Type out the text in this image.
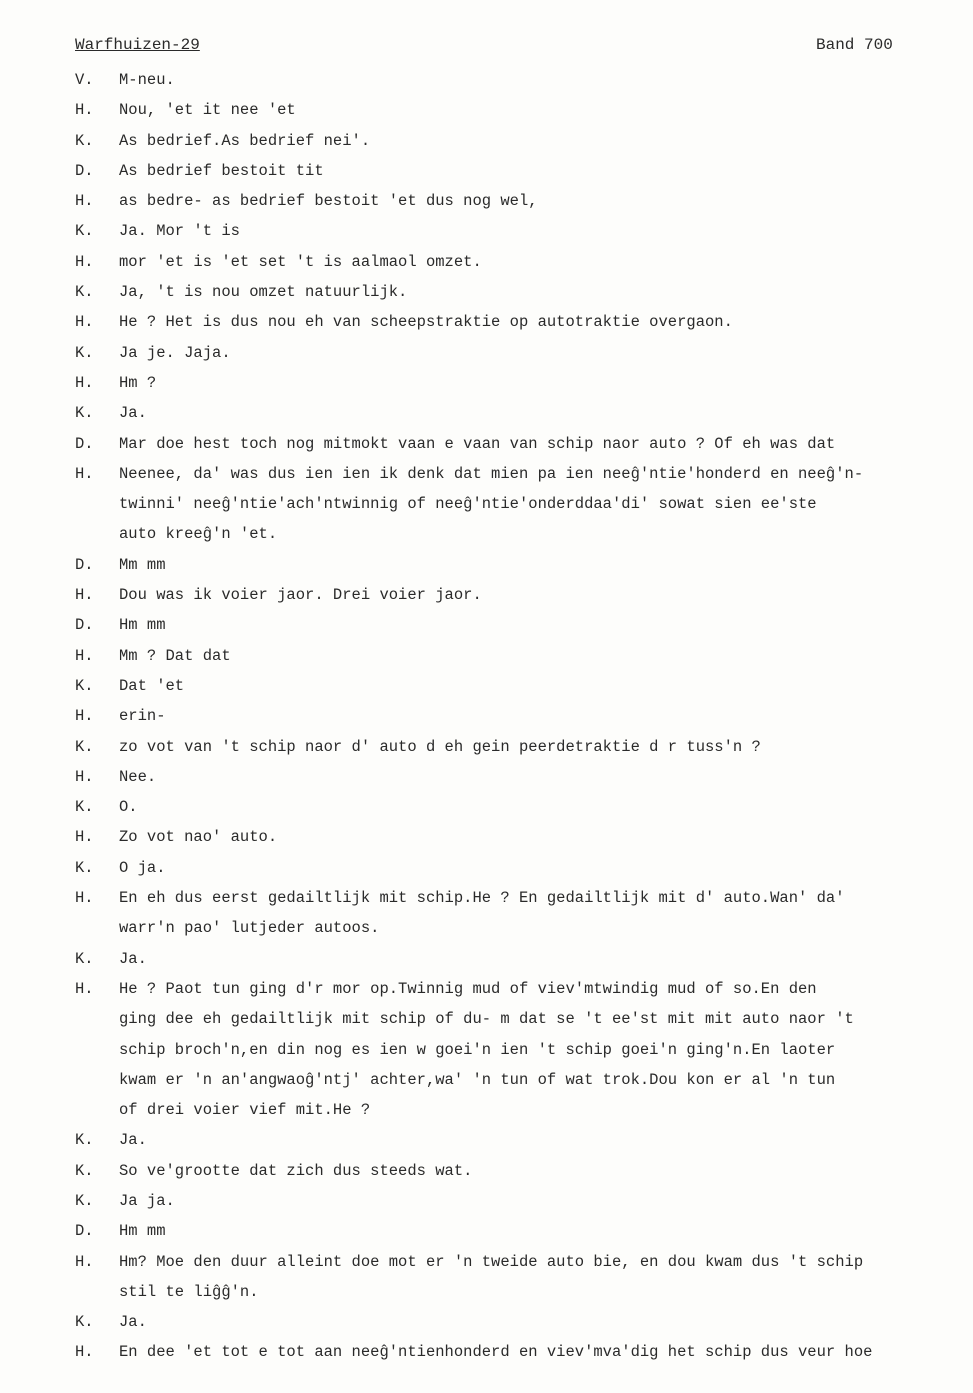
Warfhuizen-29	Band 700
V.	M-neu.
H.	Nou, 'et it nee 'et
K.	As bedrief.As bedrief nei'.
D.	As bedrief bestoit tit
H.	as bedre- as bedrief bestoit 'et dus nog wel,
K.	Ja. Mor 't is
H.	mor 'et is 'et set 't is aalmaol omzet.
K.	Ja, 't is nou omzet natuurlijk.
H.	He ? Het is dus nou eh van scheepstraktie op autotraktie overgaon.
K.	Ja je. Jaja.
H.	Hm ?
K.	Ja.
D.	Mar doe hest toch nog mitmokt vaan e vaan van schip naor auto ? Of eh was dat
H.	Neenee, da' was dus ien ien ik denk dat mien pa ien neeĝ'ntie'honderd en neeĝ'n-
twinni' neeĝ'ntie'ach'ntwinnig of neeĝ'ntie'onderddaa'di' sowat sien ee'ste
auto kreeĝ'n 'et.
D.	Mm mm
H.	Dou was ik voier jaor. Drei voier jaor.
D.	Hm mm
H.	Mm ? Dat dat
K.	Dat 'et
H.	erin-
K.	zo vot van 't schip naor d' auto d eh gein peerdetraktie d r tuss'n ?
H.	Nee.
K.	O.
H.	Zo vot nao' auto.
K.	O ja.
H.	En eh dus eerst gedailtlijk mit schip.He ? En gedailtlijk mit d' auto.Wan' da'
warr'n pao' lutjeder autoos.
K.	Ja.
H.	He ? Paot tun ging d'r mor op.Twinnig mud of viev'mtwindig mud of so.En den
ging dee eh gedailtlijk mit schip of du- m dat se 't ee'st mit mit auto naor 't
schip broch'n,en din nog es ien w goei'n ien 't schip goei'n ging'n.En laoter
kwam er 'n an'angwaoĝ'ntj' achter,wa' 'n tun of wat trok.Dou kon er al 'n tun
of drei voier vief mit.He ?
K.	Ja.
K.	So ve'grootte dat zich dus steeds wat.
K.	Ja ja.
D.	Hm mm
H.	Hm? Moe den duur alleint doe mot er 'n tweide auto bie, en dou kwam dus 't schip
stil te liĝĝ'n.
K.	Ja.
H.	En dee 'et tot e tot aan neeĝ'ntienhonderd en viev'mva'dig het schip dus veur hoe
